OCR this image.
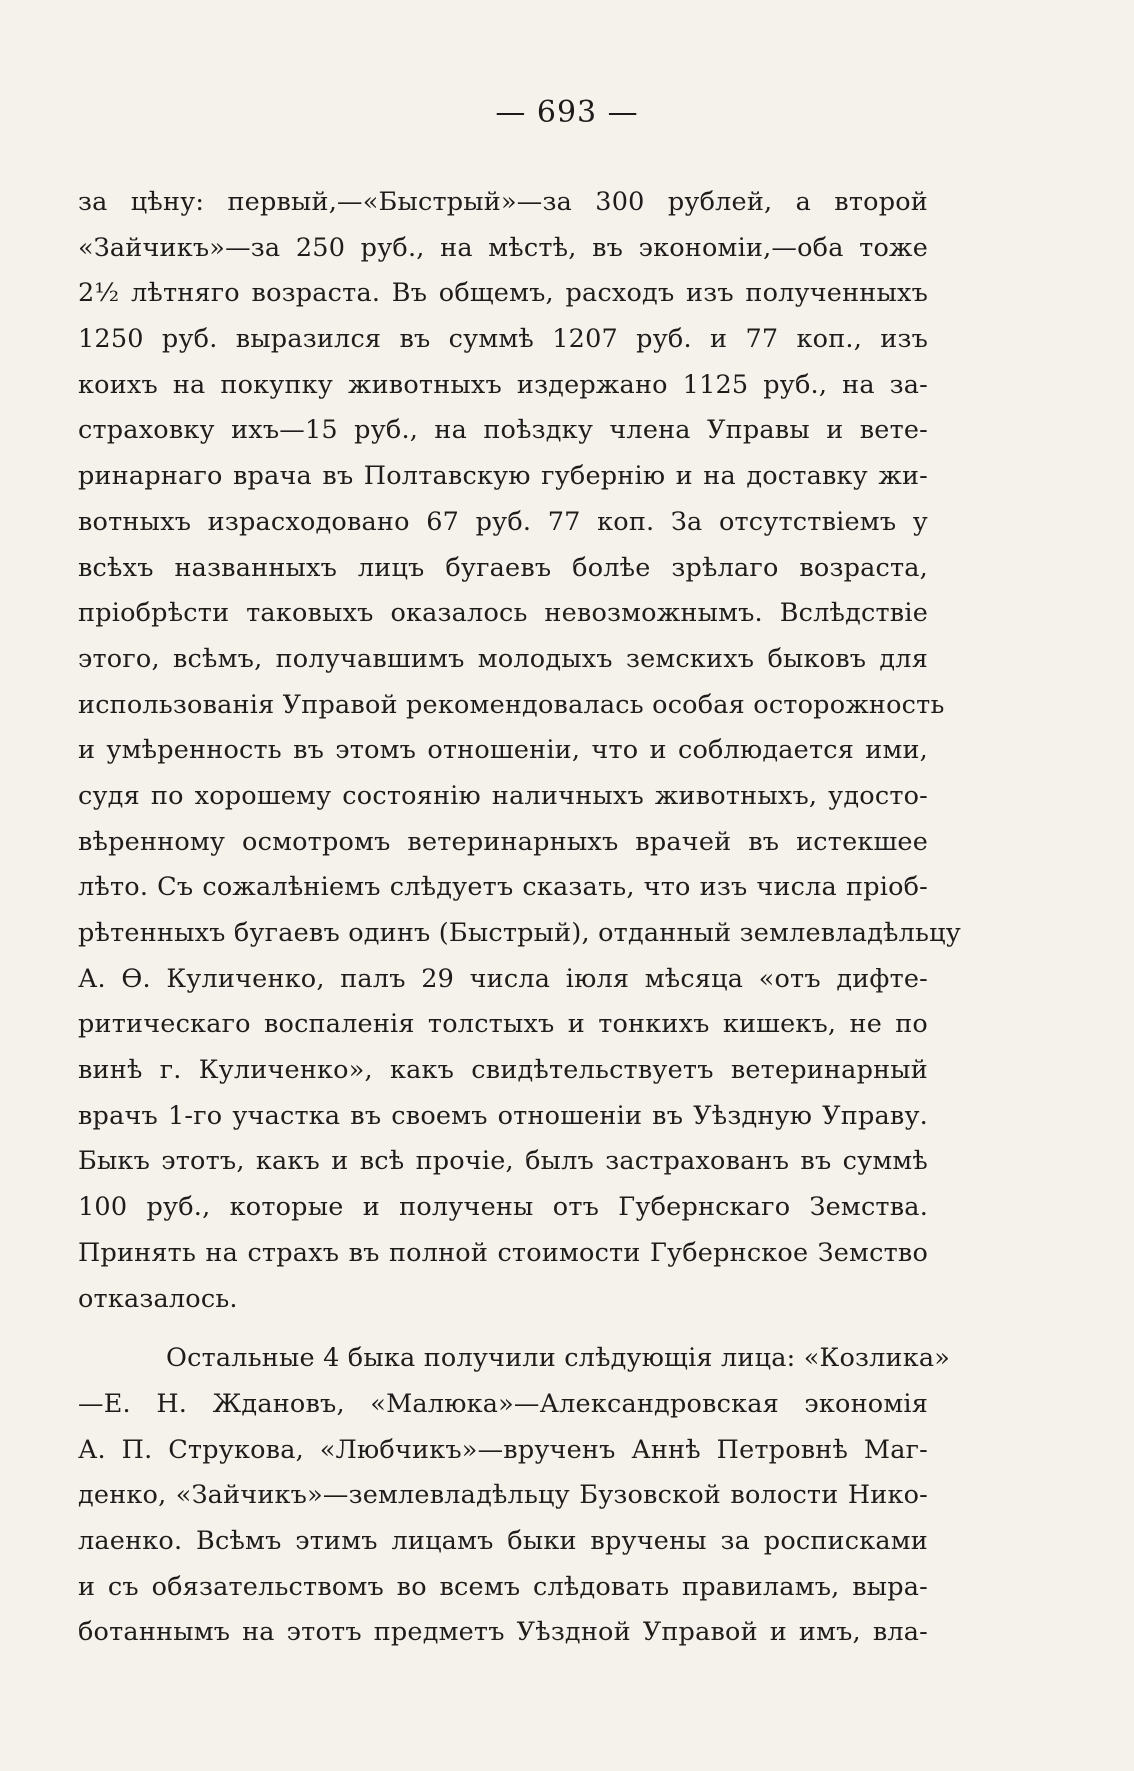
— 693 —
за цѣну: первый,—«Быстрый»—за 300 рублей, а второй
«Зайчикъ»—за 250 руб., на мѣстѣ, въ экономіи,—оба тоже
2½ лѣтняго возраста. Въ общемъ, расходъ изъ полученныхъ
1250 руб. выразился въ суммѣ 1207 руб. и 77 коп., изъ
коихъ на покупку животныхъ издержано 1125 руб., на за-
страховку ихъ—15 руб., на поѣздку члена Управы и вете-
ринарнаго врача въ Полтавскую губернію и на доставку жи-
вотныхъ израсходовано 67 руб. 77 коп. За отсутствіемъ у
всѣхъ названныхъ лицъ бугаевъ болѣе зрѣлаго возраста,
пріобрѣсти таковыхъ оказалось невозможнымъ. Вслѣдствіе
этого, всѣмъ, получавшимъ молодыхъ земскихъ быковъ для
использованія Управой рекомендовалась особая осторожность
и умѣренность въ этомъ отношеніи, что и соблюдается ими,
судя по хорошему состоянію наличныхъ животныхъ, удосто-
вѣренному осмотромъ ветеринарныхъ врачей въ истекшее
лѣто. Съ сожалѣніемъ слѣдуетъ сказать, что изъ числа пріоб-
рѣтенныхъ бугаевъ одинъ (Быстрый), отданный землевладѣльцу
А. Ѳ. Куличенко, палъ 29 числа іюля мѣсяца «отъ дифте-
ритическаго воспаленія толстыхъ и тонкихъ кишекъ, не по
винѣ г. Куличенко», какъ свидѣтельствуетъ ветеринарный
врачъ 1-го участка въ своемъ отношеніи въ Уѣздную Управу.
Быкъ этотъ, какъ и всѣ прочіе, былъ застрахованъ въ суммѣ
100 руб., которые и получены отъ Губернскаго Земства.
Принять на страхъ въ полной стоимости Губернское Земство
отказалось.
Остальные 4 быка получили слѣдующія лица: «Козлика»
—Е. Н. Ждановъ, «Малюка»—Александровская экономія
А. П. Струкова, «Любчикъ»—врученъ Аннѣ Петровнѣ Маг-
денко, «Зайчикъ»—землевладѣльцу Бузовской волости Нико-
лаенко. Всѣмъ этимъ лицамъ быки вручены за росписками
и съ обязательствомъ во всемъ слѣдовать правиламъ, выра-
ботаннымъ на этотъ предметъ Уѣздной Управой и имъ, вла-
